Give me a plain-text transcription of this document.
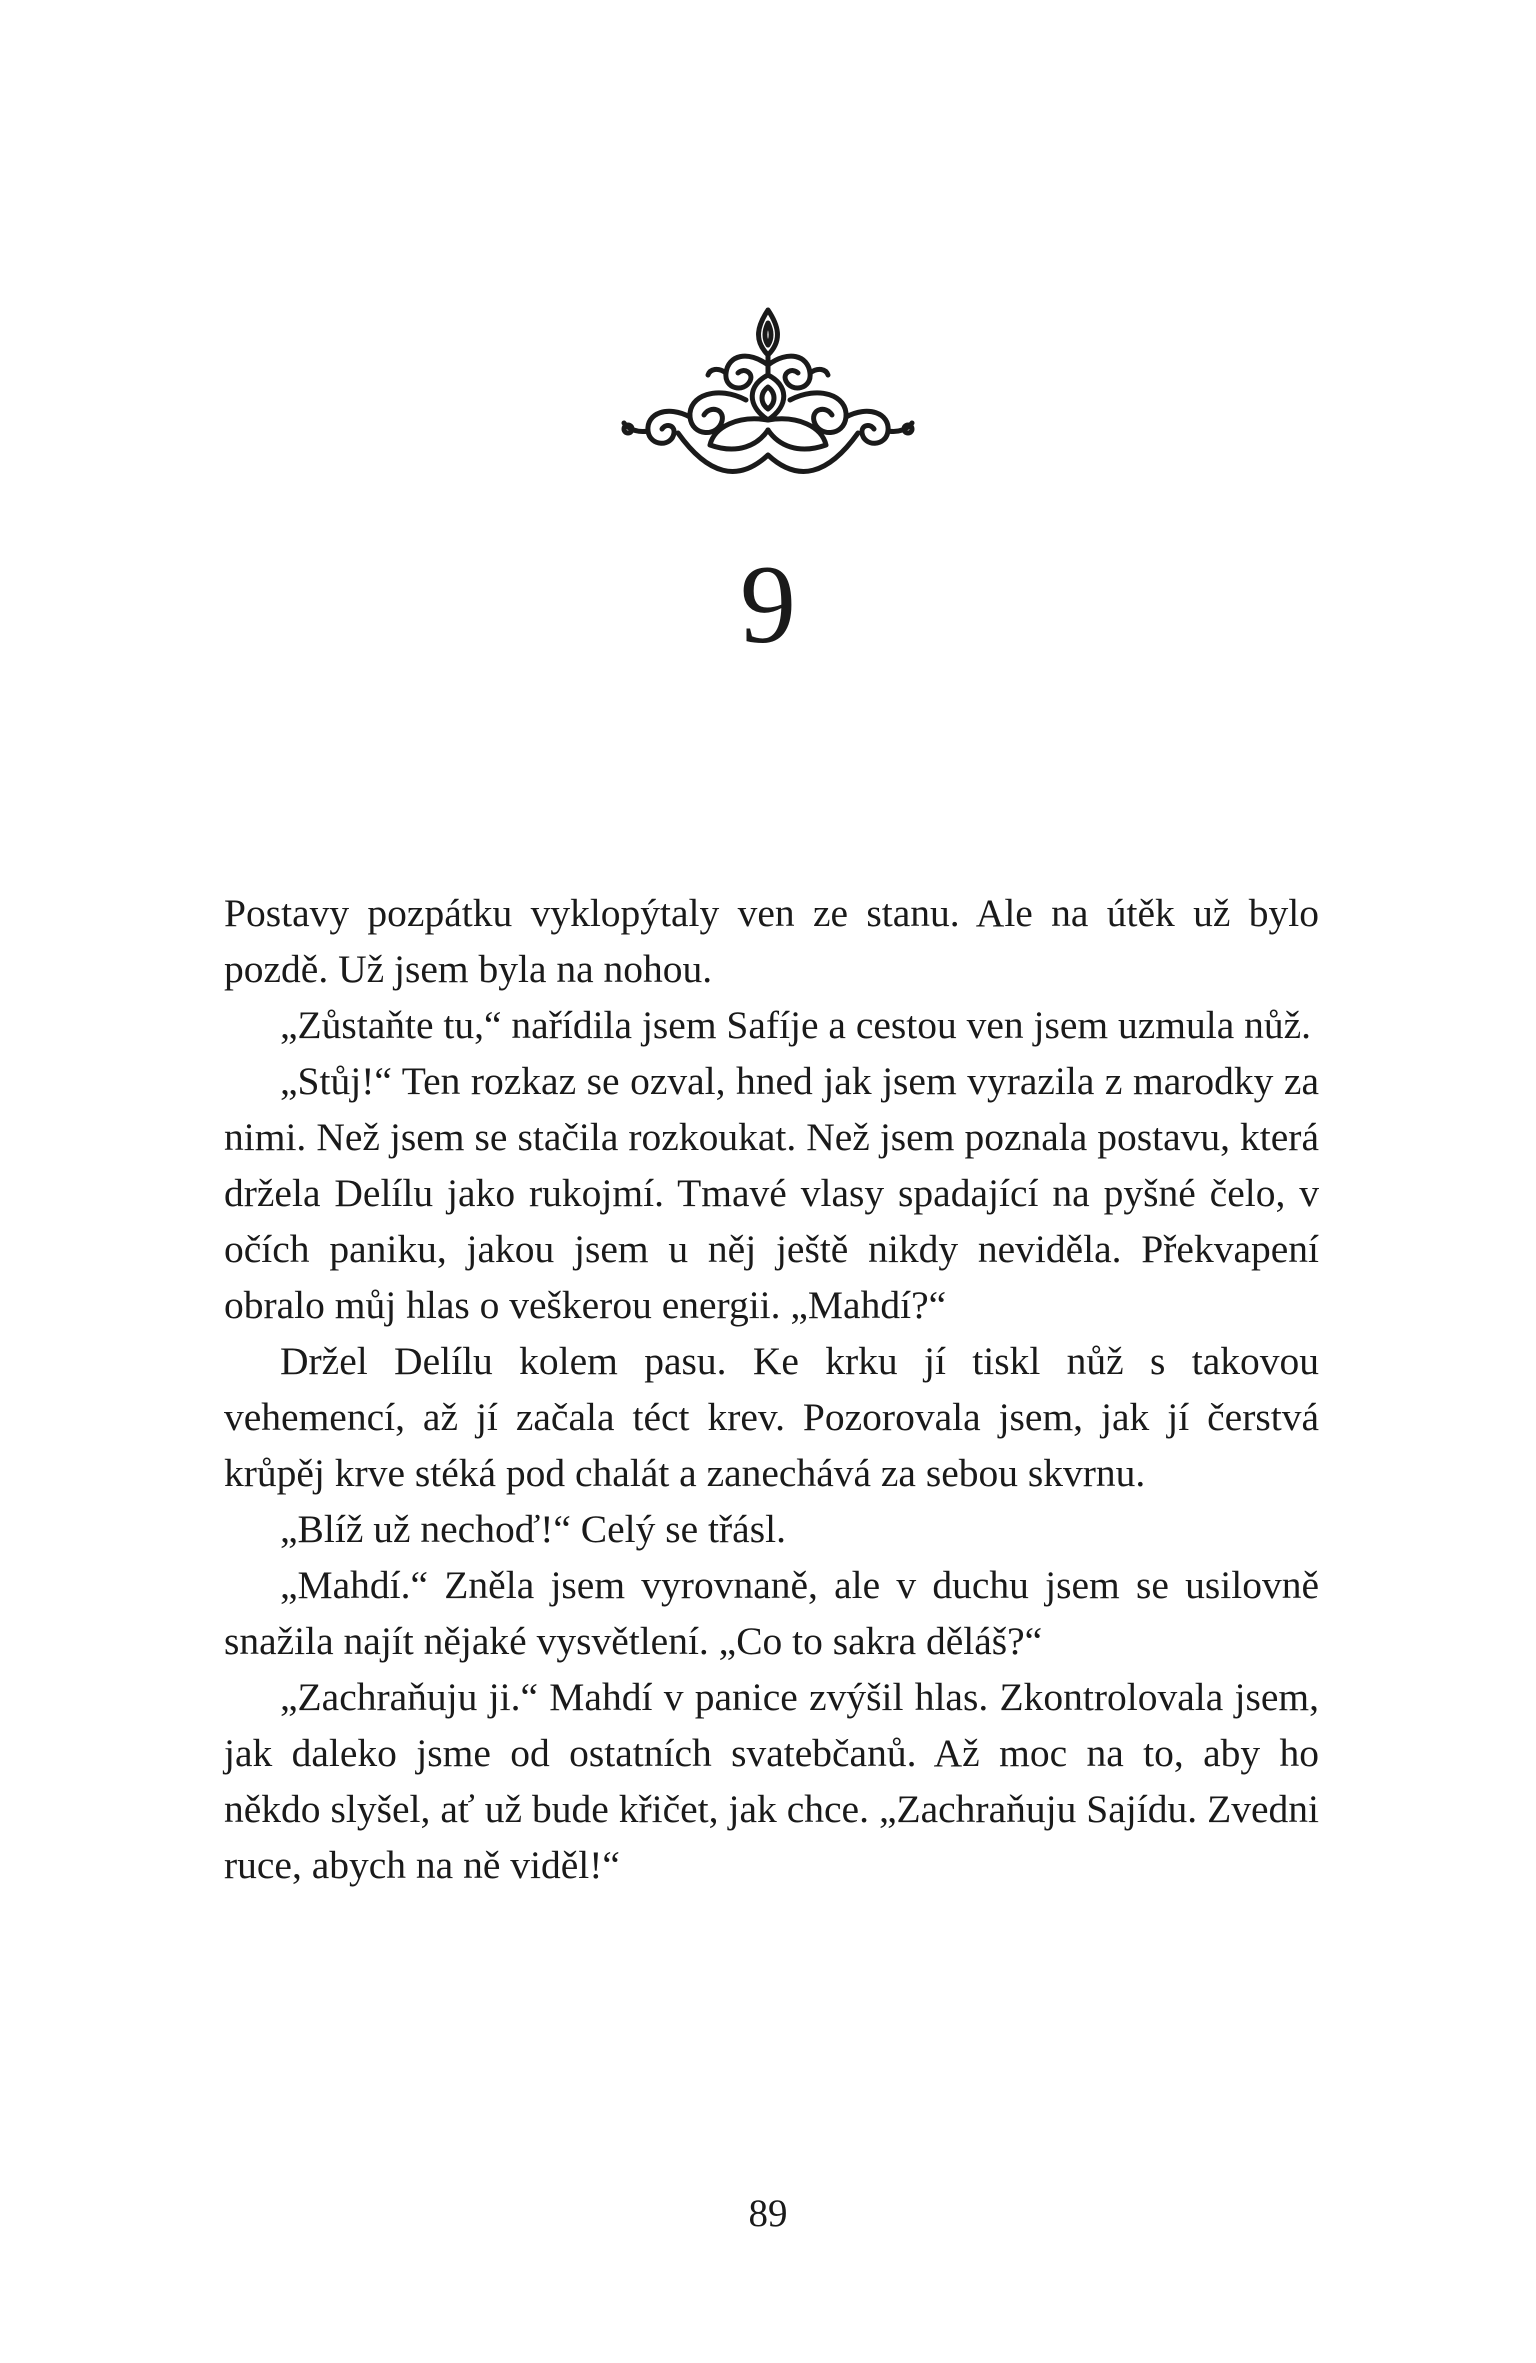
9

Postavy pozpátku vyklopýtaly ven ze stanu. Ale na útěk už bylo pozdě. Už jsem byla na nohou.

„Zůstaňte tu,“ nařídila jsem Safíje a cestou ven jsem uzmula nůž.

„Stůj!“ Ten rozkaz se ozval, hned jak jsem vyrazila z marodky za nimi. Než jsem se stačila rozkoukat. Než jsem poznala postavu, která držela Delílu jako rukojmí. Tmavé vlasy spadající na pyšné čelo, v očích paniku, jakou jsem u něj ještě nikdy neviděla. Překvapení obralo můj hlas o veškerou energii. „Mahdí?“

Držel Delílu kolem pasu. Ke krku jí tiskl nůž s takovou vehemencí, až jí začala téct krev. Pozorovala jsem, jak jí čerstvá krůpěj krve stéká pod chalát a zanechává za sebou skvrnu.

„Blíž už nechoď!“ Celý se třásl.

„Mahdí.“ Zněla jsem vyrovnaně, ale v duchu jsem se usilovně snažila najít nějaké vysvětlení. „Co to sakra děláš?“

„Zachraňuju ji.“ Mahdí v panice zvýšil hlas. Zkontrolovala jsem, jak daleko jsme od ostatních svatebčanů. Až moc na to, aby ho někdo slyšel, ať už bude křičet, jak chce. „Zachraňuju Sajídu. Zvedni ruce, abych na ně viděl!“

89
